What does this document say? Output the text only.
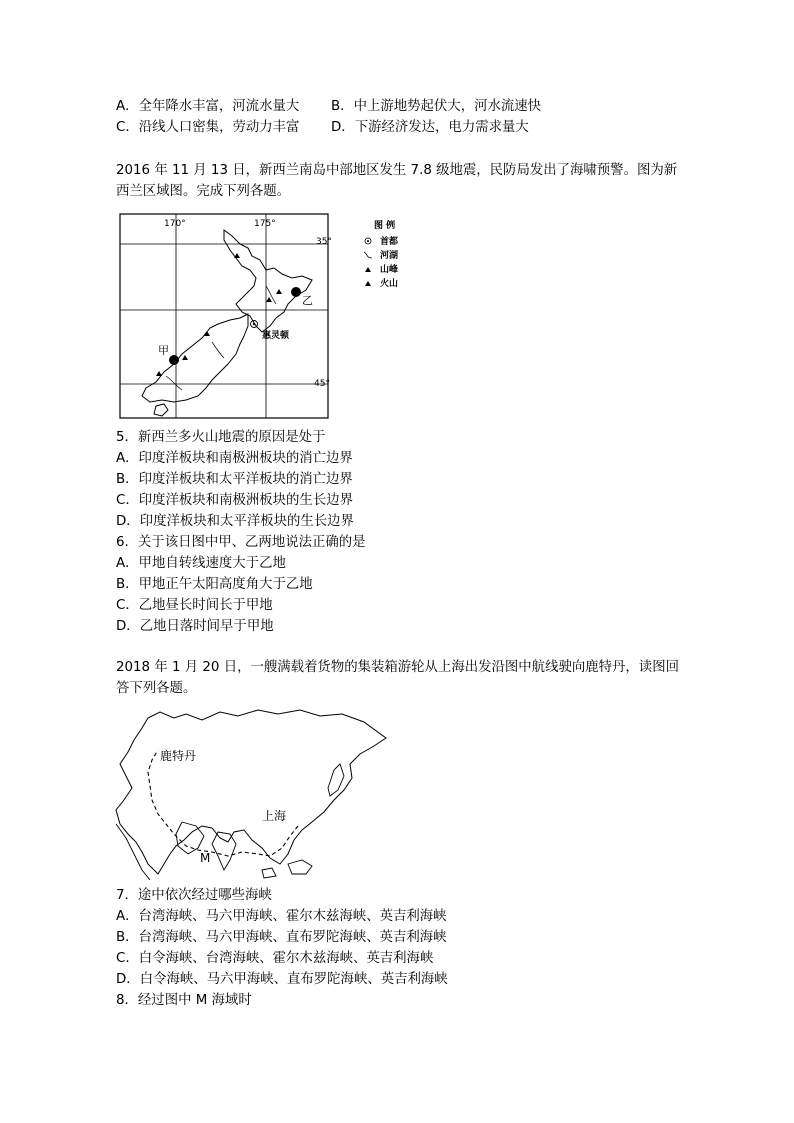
A．全年降水丰富，河流水量大 B．中上游地势起伏大，河水流速快
C．沿线人口密集，劳动力丰富 D．下游经济发达，电力需求量大
2016 年 11 月 13 日，新西兰南岛中部地区发生 7.8 级地震，民防局发出了海啸预警。图为新
西兰区域图。完成下列各题。
170°	175°
35°
45°
甲
乙
惠灵顿
图 例
首都
河湖
山峰
火山
5．新西兰多火山地震的原因是处于
A．印度洋板块和南极洲板块的消亡边界
B．印度洋板块和太平洋板块的消亡边界
C．印度洋板块和南极洲板块的生长边界
D．印度洋板块和太平洋板块的生长边界
6．关于该日图中甲、乙两地说法正确的是
A．甲地自转线速度大于乙地
B．甲地正午太阳高度角大于乙地
C．乙地昼长时间长于甲地
D．乙地日落时间早于甲地
2018 年 1 月 20 日，一艘满载着货物的集装箱游轮从上海出发沿图中航线驶向鹿特丹，读图回
答下列各题。
鹿特丹
上海
M
7．途中依次经过哪些海峡
A．台湾海峡、马六甲海峡、霍尔木兹海峡、英吉利海峡
B．台湾海峡、马六甲海峡、直布罗陀海峡、英吉利海峡
C．白令海峡、台湾海峡、霍尔木兹海峡、英吉利海峡
D．白令海峡、马六甲海峡、直布罗陀海峡、英吉利海峡
8．经过图中 M 海域时
